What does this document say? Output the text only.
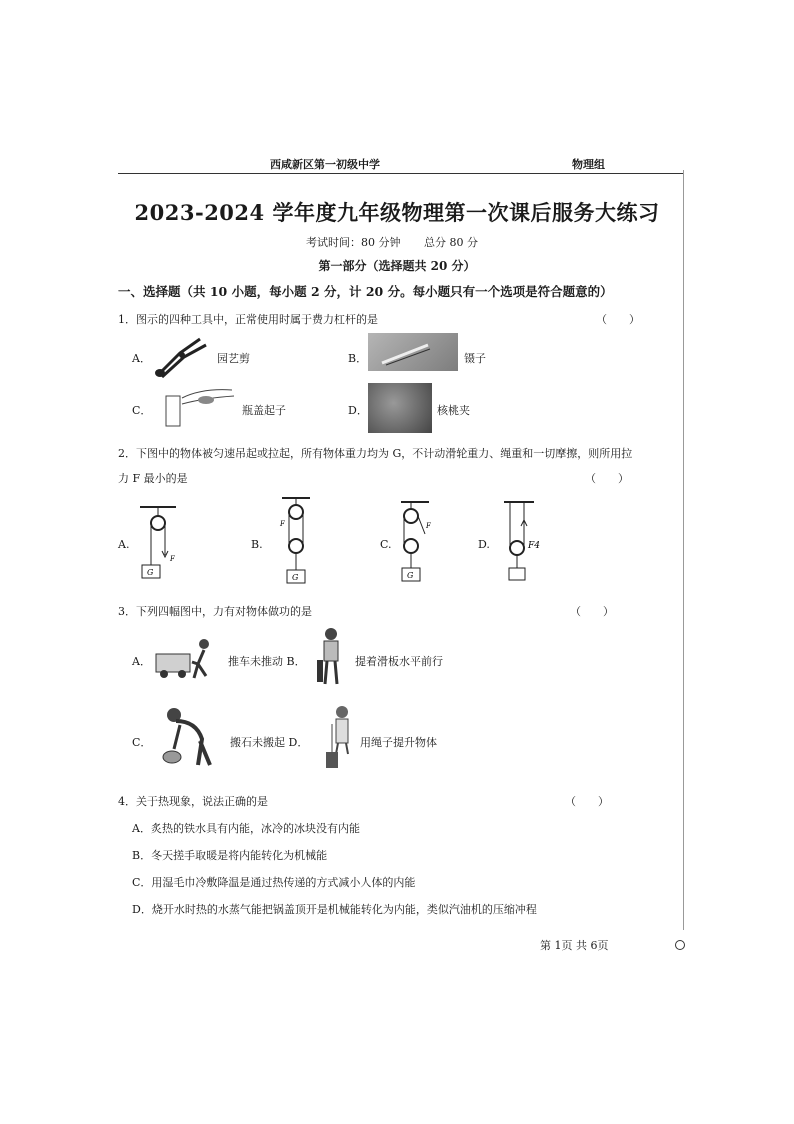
西咸新区第一初级中学	物理组
2023-2024 学年度九年级物理第一次课后服务大练习
考试时间：80 分钟 总分 80 分
第一部分（选择题共 20 分）
一、选择题（共 10 小题，每小题 2 分，计 20 分。每小题只有一个选项是符合题意的）
1．图示的四种工具中，正常使用时属于费力杠杆的是	（　　）
A．	园艺剪	B．	镊子
C．	瓶盖起子	D．	核桃夹
2．下图中的物体被匀速吊起或拉起，所有物体重力均为 G，不计动滑轮重力、绳重和一切摩擦，则所用拉
力 F 最小的是	（　　）
A.
G
F
B.
G
F
C.
G
F
D.	F4
3．下列四幅图中，力有对物体做功的是	（　　）
A．	推车未推动 B．	提着滑板水平前行
C．	搬石未搬起 D．	用绳子提升物体
4．关于热现象，说法正确的是	（　　）
A．炙热的铁水具有内能，冰冷的冰块没有内能
B．冬天搓手取暖是将内能转化为机械能
C．用湿毛巾冷敷降温是通过热传递的方式减小人体的内能
D．烧开水时热的水蒸气能把锅盖顶开是机械能转化为内能，类似汽油机的压缩冲程
第 1页 共 6页
